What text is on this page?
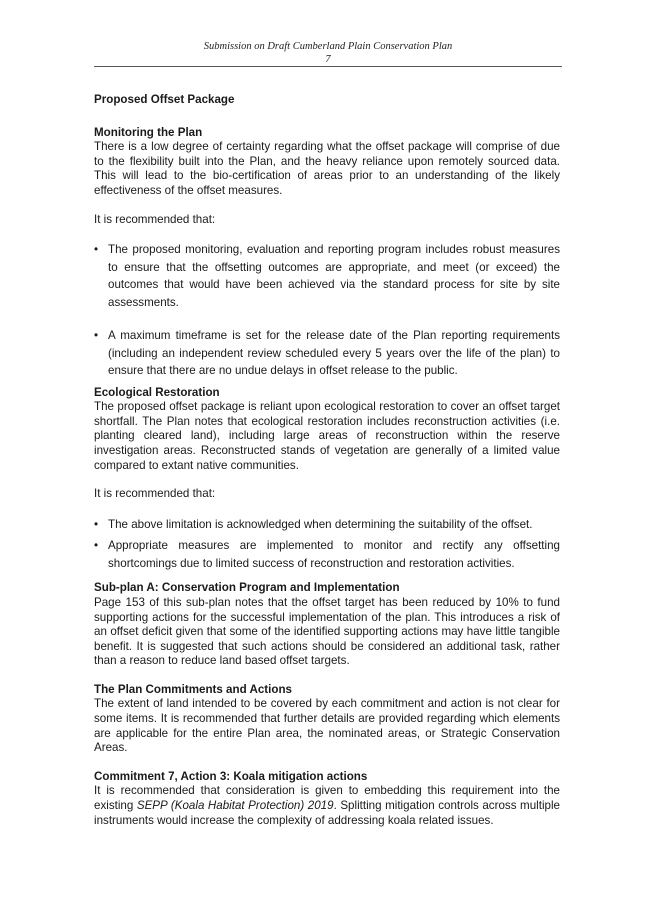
Submission on Draft Cumberland Plain Conservation Plan
7

Proposed Offset Package

Monitoring the Plan

There is a low degree of certainty regarding what the offset package will comprise of due to the flexibility built into the Plan, and the heavy reliance upon remotely sourced data. This will lead to the bio-certification of areas prior to an understanding of the likely effectiveness of the offset measures.

It is recommended that:

• The proposed monitoring, evaluation and reporting program includes robust measures to ensure that the offsetting outcomes are appropriate, and meet (or exceed) the outcomes that would have been achieved via the standard process for site by site assessments.
• A maximum timeframe is set for the release date of the Plan reporting requirements (including an independent review scheduled every 5 years over the life of the plan) to ensure that there are no undue delays in offset release to the public.

Ecological Restoration

The proposed offset package is reliant upon ecological restoration to cover an offset target shortfall. The Plan notes that ecological restoration includes reconstruction activities (i.e. planting cleared land), including large areas of reconstruction within the reserve investigation areas. Reconstructed stands of vegetation are generally of a limited value compared to extant native communities.

It is recommended that:

• The above limitation is acknowledged when determining the suitability of the offset.
• Appropriate measures are implemented to monitor and rectify any offsetting shortcomings due to limited success of reconstruction and restoration activities.

Sub-plan A: Conservation Program and Implementation

Page 153 of this sub-plan notes that the offset target has been reduced by 10% to fund supporting actions for the successful implementation of the plan. This introduces a risk of an offset deficit given that some of the identified supporting actions may have little tangible benefit. It is suggested that such actions should be considered an additional task, rather than a reason to reduce land based offset targets.

The Plan Commitments and Actions

The extent of land intended to be covered by each commitment and action is not clear for some items. It is recommended that further details are provided regarding which elements are applicable for the entire Plan area, the nominated areas, or Strategic Conservation Areas.

Commitment 7, Action 3: Koala mitigation actions

It is recommended that consideration is given to embedding this requirement into the existing SEPP (Koala Habitat Protection) 2019. Splitting mitigation controls across multiple instruments would increase the complexity of addressing koala related issues.
